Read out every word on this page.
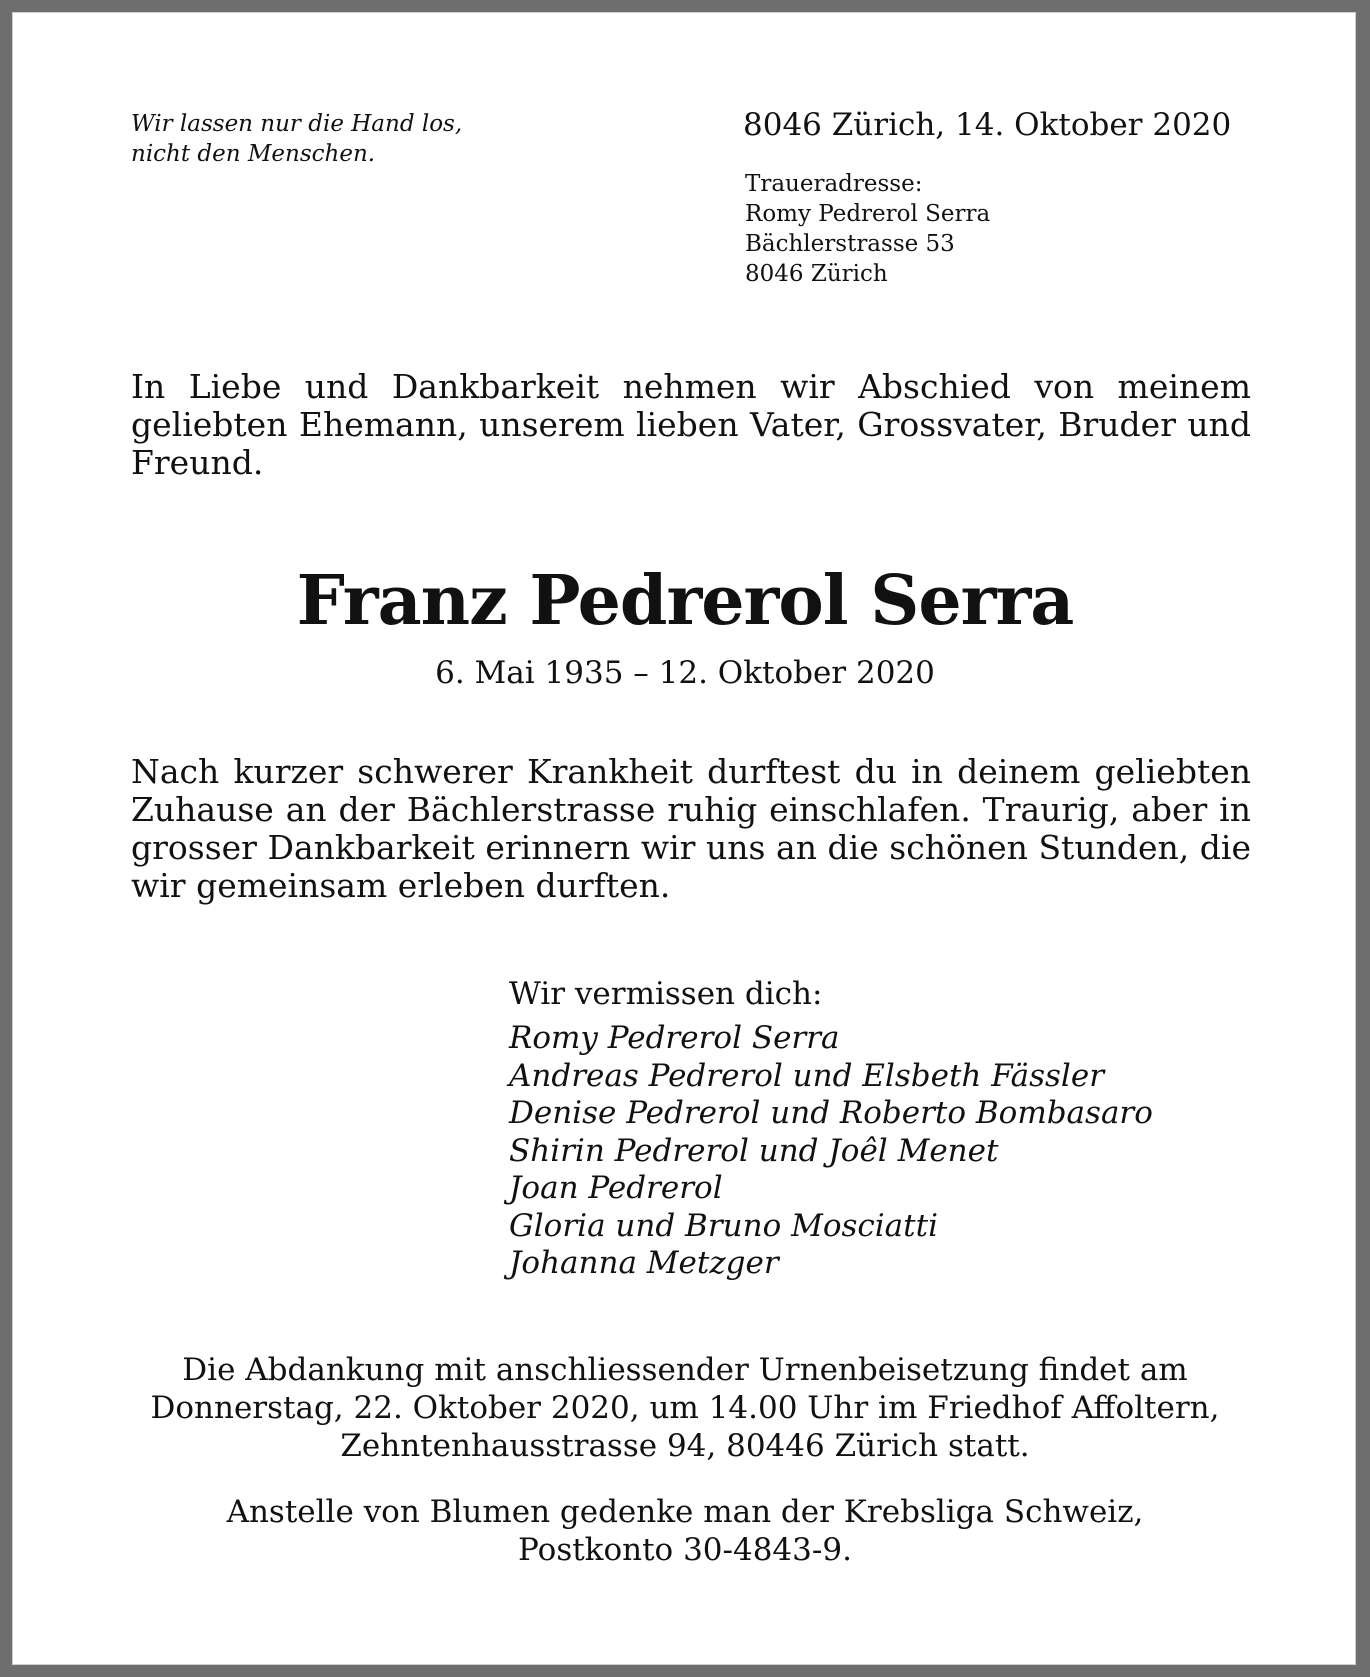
Wir lassen nur die Hand los,
nicht den Menschen.

8046 Zürich, 14. Oktober 2020

Traueradresse:
Romy Pedrerol Serra
Bächlerstrasse 53
8046 Zürich

In Liebe und Dankbarkeit nehmen wir Abschied von meinem geliebten Ehemann, unserem lieben Vater, Grossvater, Bruder und Freund.

Franz Pedrerol Serra

6. Mai 1935 – 12. Oktober 2020

Nach kurzer schwerer Krankheit durftest du in deinem geliebten Zuhause an der Bächlerstrasse ruhig einschlafen. Traurig, aber in grosser Dankbarkeit erinnern wir uns an die schönen Stunden, die wir gemeinsam erleben durften.

Wir vermissen dich:
Romy Pedrerol Serra
Andreas Pedrerol und Elsbeth Fässler
Denise Pedrerol und Roberto Bombasaro
Shirin Pedrerol und Joêl Menet
Joan Pedrerol
Gloria und Bruno Mosciatti
Johanna Metzger

Die Abdankung mit anschliessender Urnenbeisetzung findet am
Donnerstag, 22. Oktober 2020, um 14.00 Uhr im Friedhof Affoltern,
Zehntenhausstrasse 94, 80446 Zürich statt.

Anstelle von Blumen gedenke man der Krebsliga Schweiz,
Postkonto 30-4843-9.
